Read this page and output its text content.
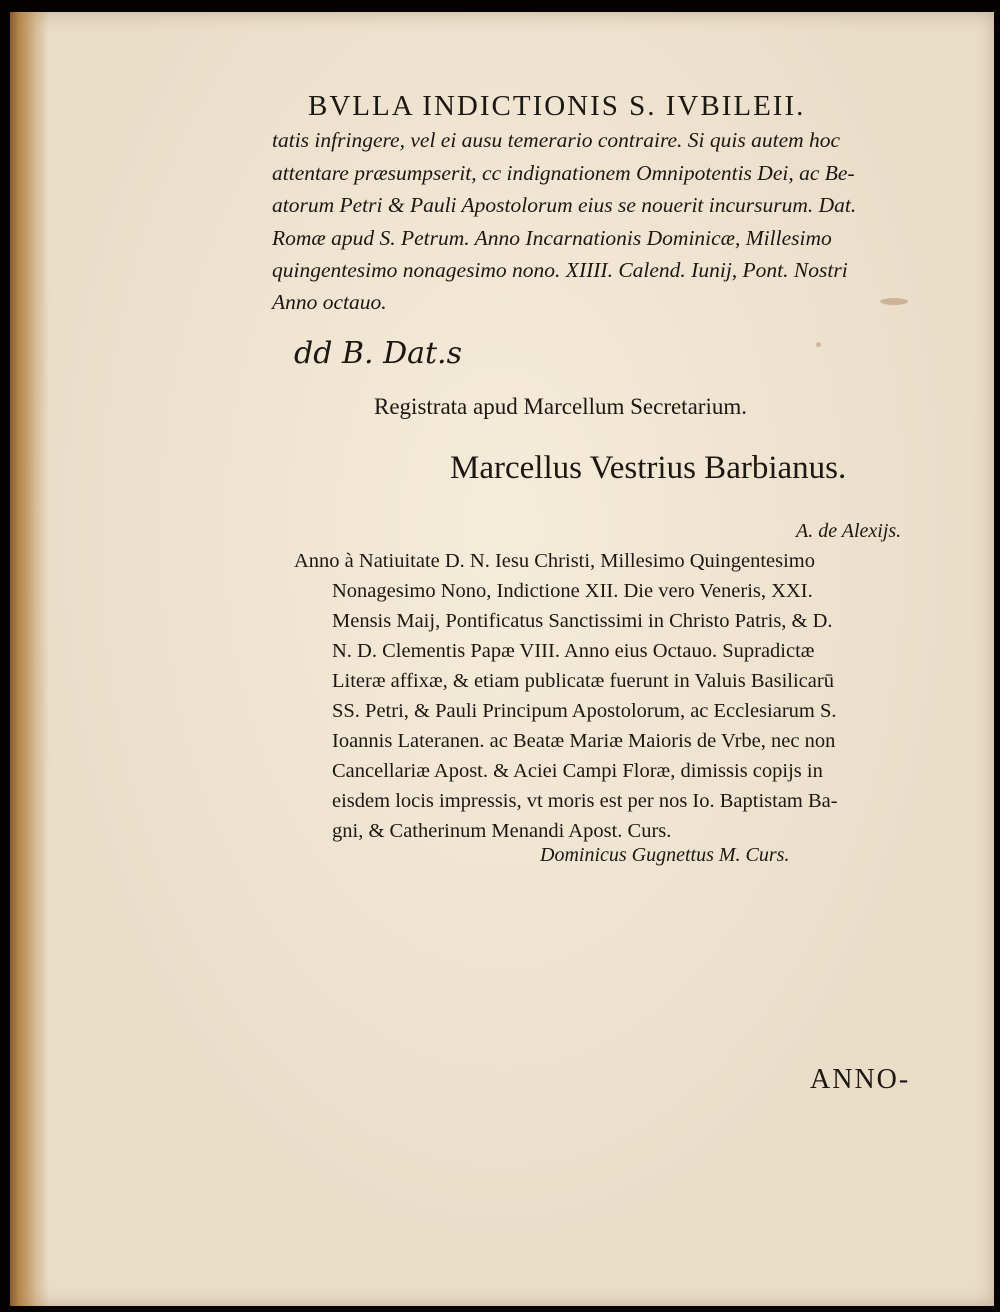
BVLLA INDICTIONIS S. IVBILEII.
tatis infringere, vel ei ausu temerario contraire. Si quis autem hoc
attentare præsumpserit, cc indignationem Omnipotentis Dei, ac Be-
atorum Petri & Pauli Apostolorum eius se nouerit incursurum. Dat.
Romæ apud S. Petrum. Anno Incarnationis Dominicæ, Millesimo
quingentesimo nonagesimo nono. XIIII. Calend. Iunij, Pont. Nostri
Anno octauo.
dd B. Dat.s
Registrata apud Marcellum Secretarium.
Marcellus Vestrius Barbianus.
A. de Alexijs.
Anno à Natiuitate D. N. Iesu Christi, Millesimo Quingentesimo
Nonagesimo Nono, Indictione XII. Die vero Veneris, XXI.
Mensis Maij, Pontificatus Sanctissimi in Christo Patris, & D.
N. D. Clementis Papæ VIII. Anno eius Octauo. Supradictæ
Literæ affixæ, & etiam publicatæ fuerunt in Valuis Basilicarū
SS. Petri, & Pauli Principum Apostolorum, ac Ecclesiarum S.
Ioannis Lateranen. ac Beatæ Mariæ Maioris de Vrbe, nec non
Cancellariæ Apost. & Aciei Campi Floræ, dimissis copijs in
eisdem locis impressis, vt moris est per nos Io. Baptistam Ba-
gni, & Catherinum Menandi Apost. Curs.
Dominicus Gugnettus M. Curs.
ANNO-
